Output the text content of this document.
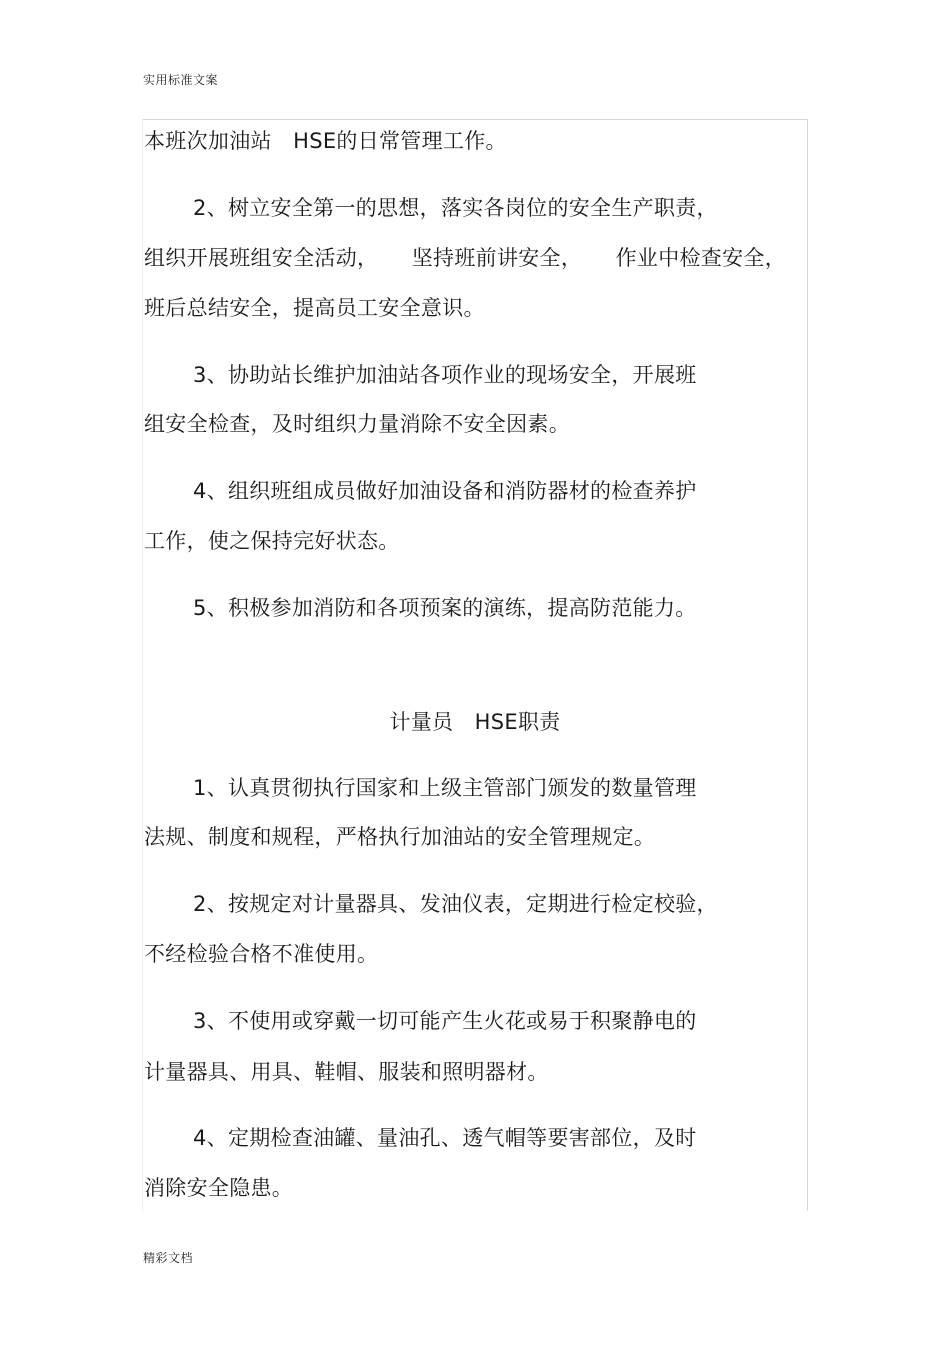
实用标准文案
本班次加油站　HSE的日常管理工作。
2、树立安全第一的思想，落实各岗位的安全生产职责，
组织开展班组安全活动， 坚持班前讲安全， 作业中检查安全，
班后总结安全，提高员工安全意识。
3、协助站长维护加油站各项作业的现场安全，开展班
组安全检查，及时组织力量消除不安全因素。
4、组织班组成员做好加油设备和消防器材的检查养护
工作，使之保持完好状态。
5、积极参加消防和各项预案的演练，提高防范能力。
计量员　HSE职责
1、认真贯彻执行国家和上级主管部门颁发的数量管理
法规、制度和规程，严格执行加油站的安全管理规定。
2、按规定对计量器具、发油仪表，定期进行检定校验，
不经检验合格不准使用。
3、不使用或穿戴一切可能产生火花或易于积聚静电的
计量器具、用具、鞋帽、服装和照明器材。
4、定期检查油罐、量油孔、透气帽等要害部位，及时
消除安全隐患。
精彩文档
